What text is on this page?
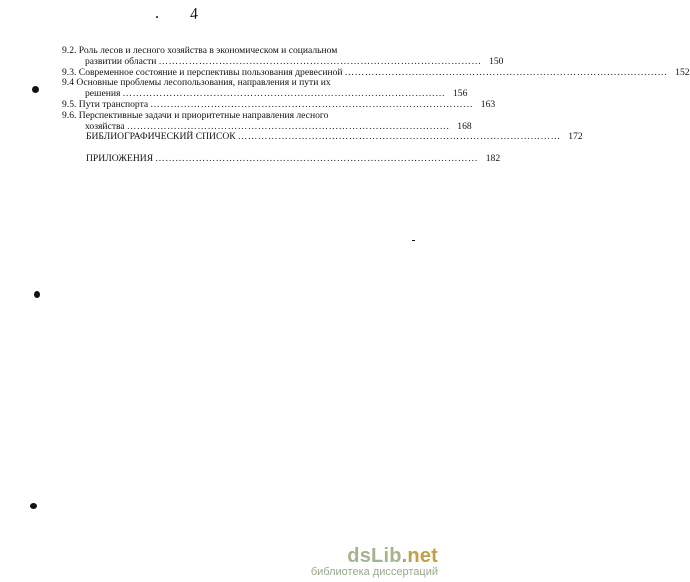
4
9.2. Роль лесов и лесного хозяйства в экономическом и социальном
развитии области …………………………………………………………………………………… 150
9.3. Современное состояние и перспективы пользования древесиной …………………………………………………………………………………… 152
9.4 Основные проблемы лесопользования, направления и пути их
решения …………………………………………………………………………………… 156
9.5. Пути транспорта …………………………………………………………………………………… 163
9.6. Перспективные задачи и приоритетные направления лесного
хозяйства …………………………………………………………………………………… 168
БИБЛИОГРАФИЧЕСКИЙ СПИСОК …………………………………………………………………………………… 172
ПРИЛОЖЕНИЯ …………………………………………………………………………………… 182
dsLib.net
библиотека диссертаций
